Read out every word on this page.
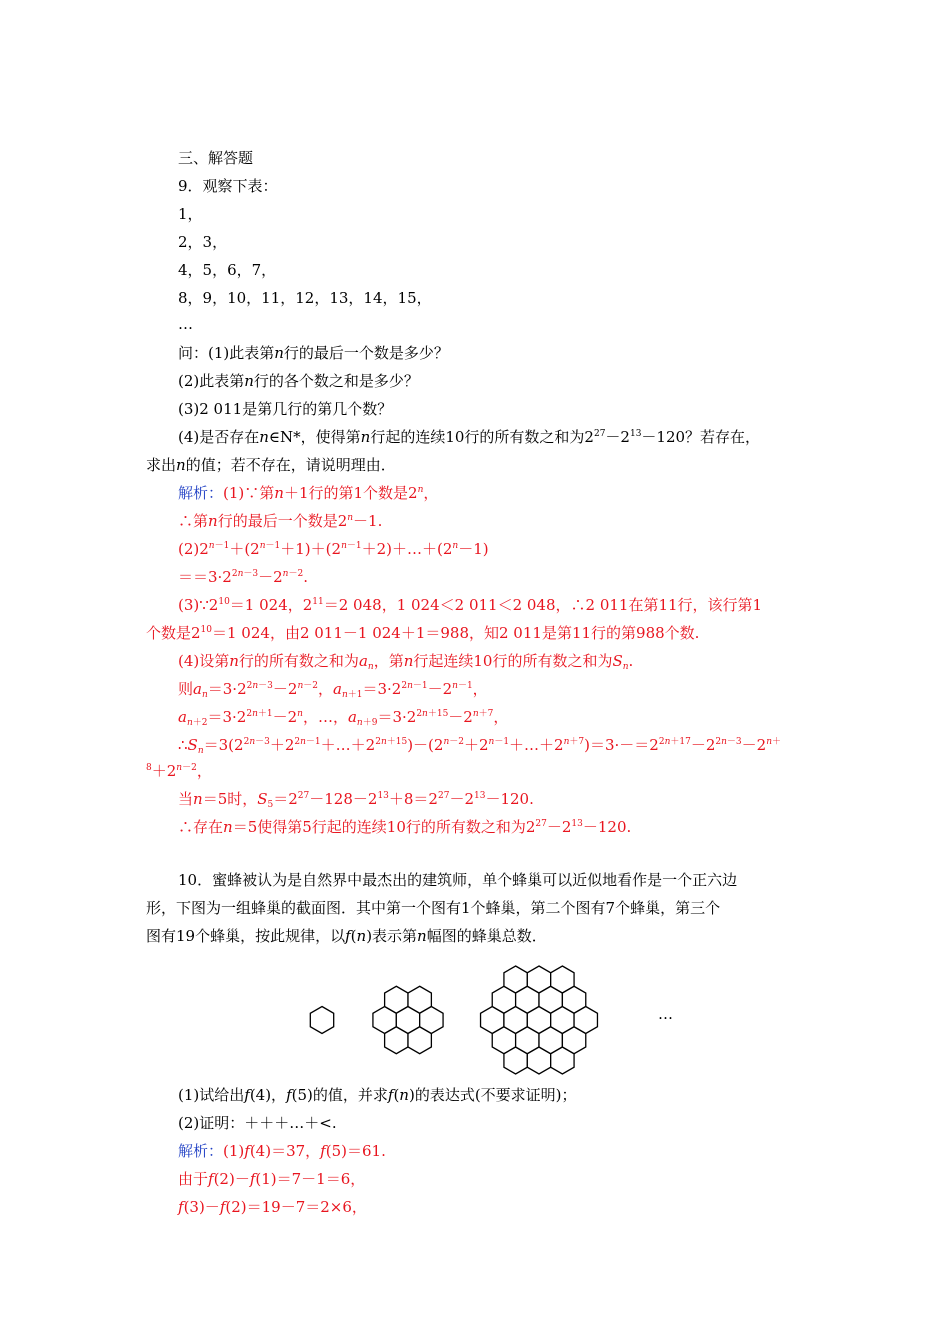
三、解答题
9．观察下表：
1，
2，3，
4，5，6，7，
8，9，10，11，12，13，14，15，
…
问：(1)此表第n行的最后一个数是多少？
(2)此表第n行的各个数之和是多少？
(3)2 011是第几行的第几个数？
(4)是否存在n∈N*，使得第n行起的连续10行的所有数之和为$2^{27}-2^{13}-120$？若存在，
求出n的值；若不存在，请说明理由．
解析：(1)∵第n＋1行的第1个数是2$^n$，
∴第n行的最后一个数是$2^n-1$.
$(2)2^{n-1}+(2^{n-1}+1)+(2^{n-1}+2)+\dots+(2^n-1)$
$==3\cdot 2^{2n-3}-2^{n-2}$.
$(3)\because 2^{10}=1$ 024，$2^{11}=2$ 048，1 024＜2 011＜2 048，∴2 011在第11行，该行第1
个数是$2^{10}=1$ 024，由2 011－1 024＋1＝988，知2 011是第11行的第988个数.
(4)设第n行的所有数之和为$a_n$，第n行起连续10行的所有数之和为$S_n$.
则$a_n=3\cdot 2^{2n-3}-2^{n-2}$，$a_{n+1}=3\cdot 2^{2n-1}-2^{n-1}$，
$a_{n+2}=3\cdot 2^{2n+1}-2^n$，…，$a_{n+9}=3\cdot 2^{2n+15}-2^{n+7}$，
$\therefore S_n=3(2^{2n-3}+2^{2n-1}+\dots+2^{2n+15})-(2^{n-2}+2^{n-1}+\dots+2^{n+7})=3\cdot-=2^{2n+17}-2^{2n-3}-2^{n+}$
$^8+2^{n-2}$，
当n＝5时，$S_5=2^{27}-128-2^{13}+8=2^{27}-2^{13}-120$.
∴存在n＝5使得第5行起的连续10行的所有数之和为$2^{27}-2^{13}-120$.
10．蜜蜂被认为是自然界中最杰出的建筑师，单个蜂巢可以近似地看作是一个正六边
形，下图为一组蜂巢的截面图．其中第一个图有1个蜂巢，第二个图有7个蜂巢，第三个
图有19个蜂巢，按此规律，以f(n)表示第n幅图的蜂巢总数．
…
(1)试给出f(4)，f(5)的值，并求f(n)的表达式(不要求证明)；
(2)证明：＋＋＋…＋<.
解析：(1)f(4)＝37，f(5)＝61.
由于f(2)－f(1)＝7－1＝6，
f(3)－f(2)＝19－7＝2×6，
